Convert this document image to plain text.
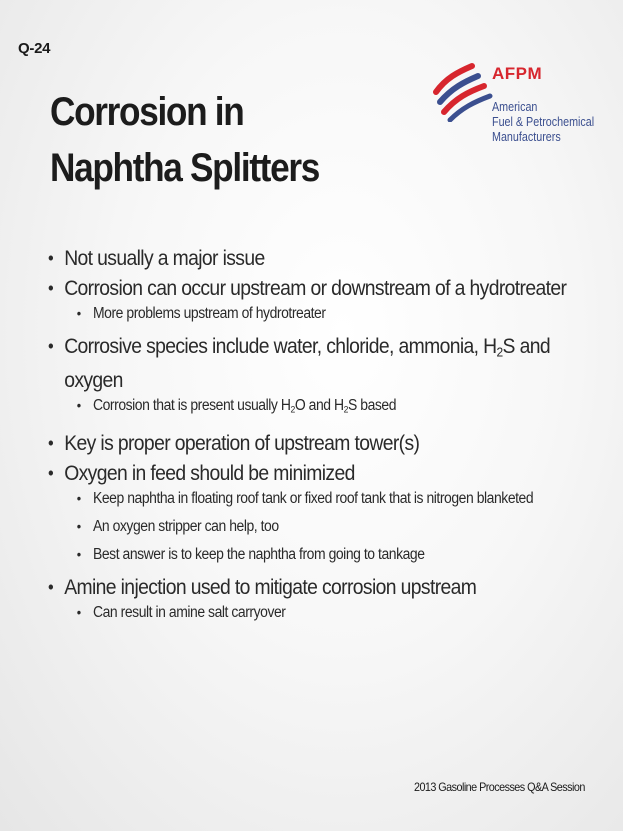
Q-24
Corrosion in Naphtha Splitters
AFPM
American
Fuel & Petrochemical
Manufacturers
• Not usually a major issue
• Corrosion can occur upstream or downstream of a hydrotreater
• More problems upstream of hydrotreater
• Corrosive species include water, chloride, ammonia, $H_2S$ and oxygen
• Corrosion that is present usually $H_2O$ and $H_2S$ based
• Key is proper operation of upstream tower(s)
• Oxygen in feed should be minimized
• Keep naphtha in floating roof tank or fixed roof tank that is nitrogen blanketed
• An oxygen stripper can help, too
• Best answer is to keep the naphtha from going to tankage
• Amine injection used to mitigate corrosion upstream
• Can result in amine salt carryover
2013 Gasoline Processes Q&A Session
